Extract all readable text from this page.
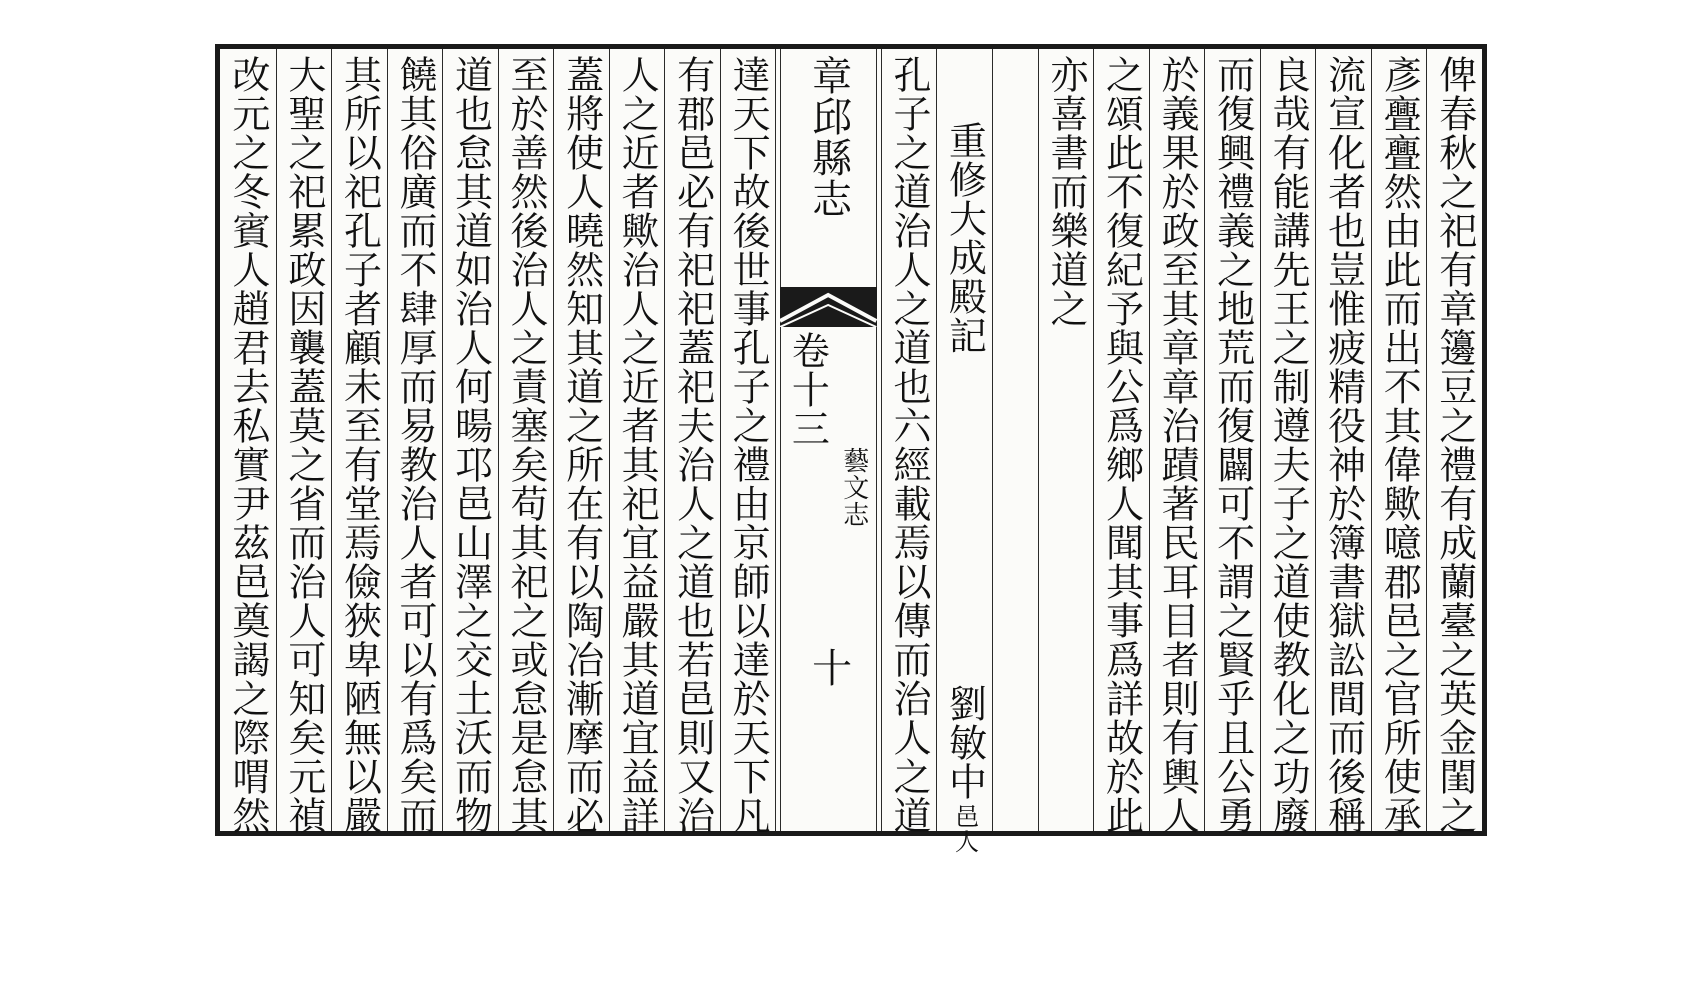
俾春秋之祀有章籩豆之禮有成蘭臺之英金閨之
彥亹亹然由此而出不其偉歟噫郡邑之官所使承
流宣化者也豈惟疲精役神於簿書獄訟間而後稱
良哉有能講先王之制遵夫子之道使教化之功廢
而復興禮義之地荒而復闢可不謂之賢乎且公勇
於義果於政至其章章治蹟著民耳目者則有輿人
之頌此不復紀予與公爲鄉人聞其事爲詳故於此
亦喜書而樂道之
重修大成殿記
劉敏中
邑人
孔子之道治人之道也六經載焉以傳而治人之道
章邱縣志
卷十三
藝文志
十
達天下故後世事孔子之禮由京師以達於天下凡
有郡邑必有祀祀蓋祀夫治人之道也若邑則又治
人之近者歟治人之近者其祀宜益嚴其道宜益詳
蓋將使人曉然知其道之所在有以陶冶漸摩而必
至於善然後治人之責塞矣苟其祀之或怠是怠其
道也怠其道如治人何暘邛邑山澤之交土沃而物
饒其俗廣而不肆厚而易教治人者可以有爲矣而
其所以祀孔子者顧未至有堂焉儉狹卑陋無以嚴
大聖之祀累政因襲蓋莫之省而治人可知矣元禎
改元之冬賓人趙君去私實尹茲邑奠謁之際喟然
